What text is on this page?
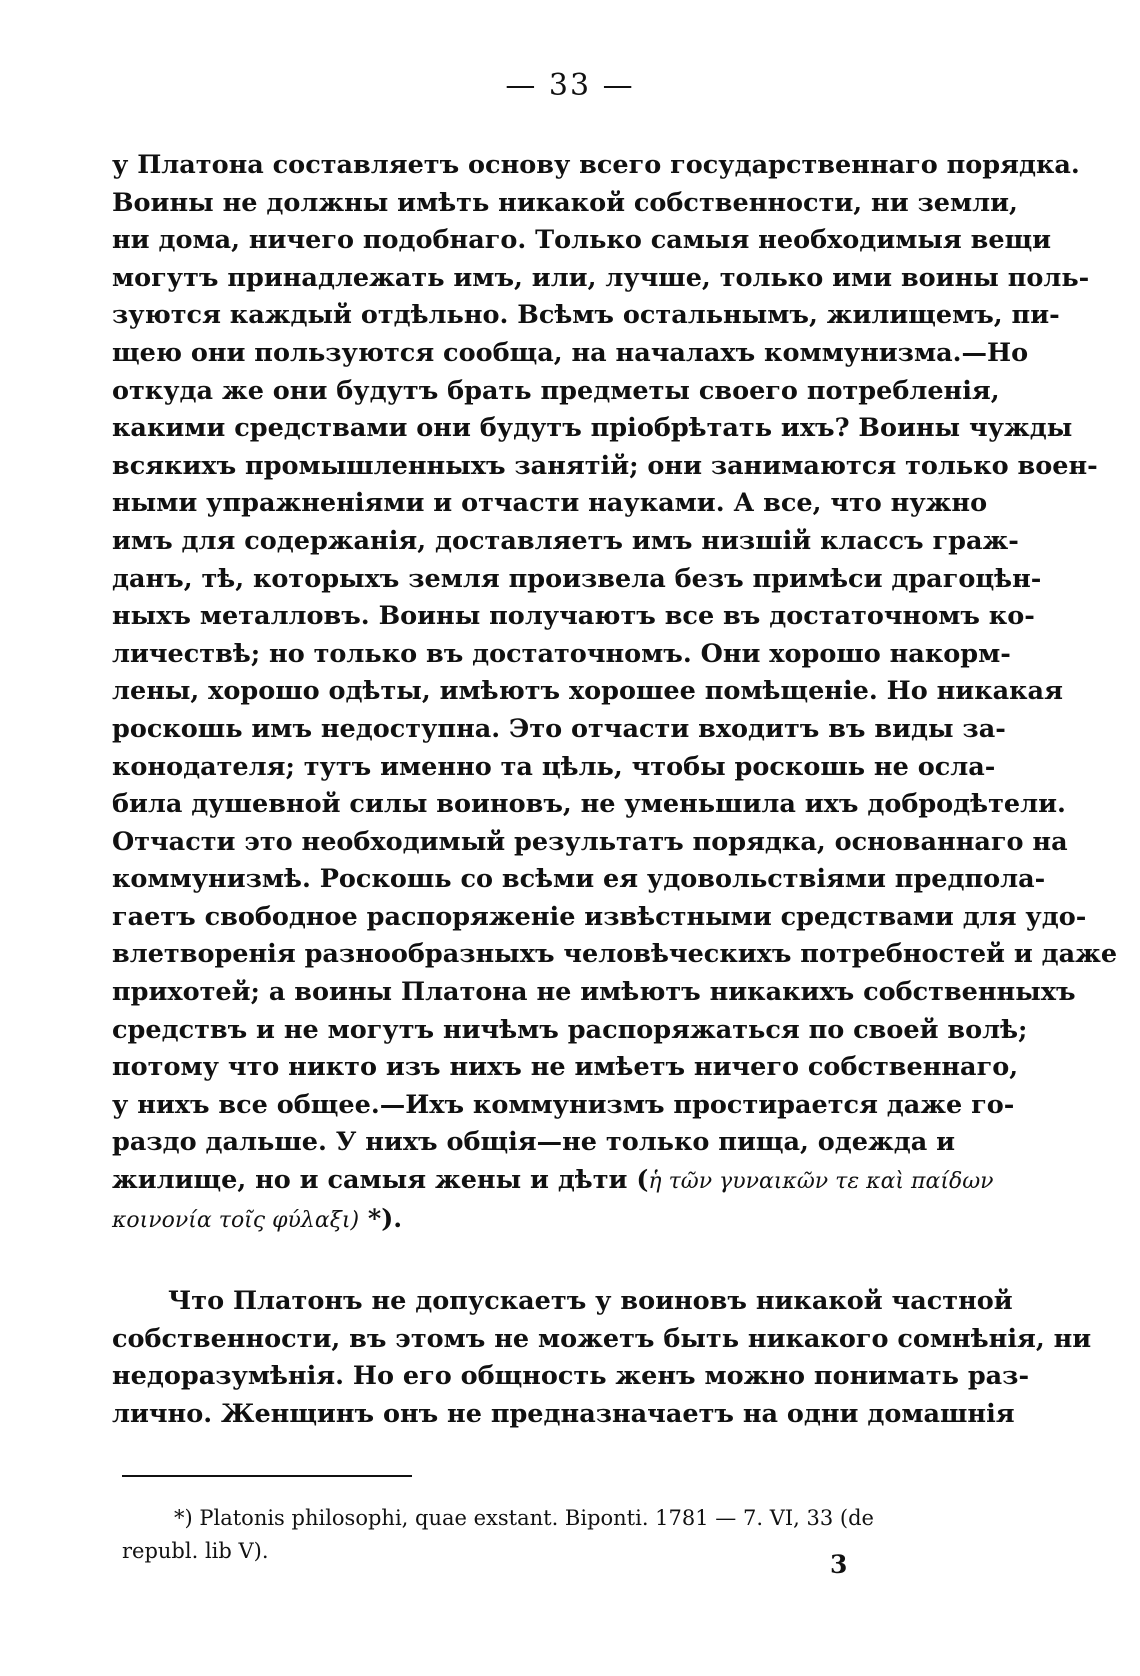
— 33 —
у Платона составляетъ основу всего государственнаго порядка.
Воины не должны имѣть никакой собственности, ни земли,
ни дома, ничего подобнаго. Только самыя необходимыя вещи
могутъ принадлежать имъ, или, лучше, только ими воины поль-
зуются каждый отдѣльно. Всѣмъ остальнымъ, жилищемъ, пи-
щею они пользуются сообща, на началахъ коммунизма.—Но
откуда же они будутъ брать предметы своего потребленія,
какими средствами они будутъ пріобрѣтать ихъ? Воины чужды
всякихъ промышленныхъ занятій; они занимаются только воен-
ными упражненіями и отчасти науками. А все, что нужно
имъ для содержанія, доставляетъ имъ низшій классъ граж-
данъ, тѣ, которыхъ земля произвела безъ примѣси драгоцѣн-
ныхъ металловъ. Воины получаютъ все въ достаточномъ ко-
личествѣ; но только въ достаточномъ. Они хорошо накорм-
лены, хорошо одѣты, имѣютъ хорошее помѣщеніе. Но никакая
роскошь имъ недоступна. Это отчасти входитъ въ виды за-
конодателя; тутъ именно та цѣль, чтобы роскошь не осла-
била душевной силы воиновъ, не уменьшила ихъ добродѣтели.
Отчасти это необходимый результатъ порядка, основаннаго на
коммунизмѣ. Роскошь со всѣми ея удовольствіями предпола-
гаетъ свободное распоряженіе извѣстными средствами для удо-
влетворенія разнообразныхъ человѣческихъ потребностей и даже
прихотей; а воины Платона не имѣютъ никакихъ собственныхъ
средствъ и не могутъ ничѣмъ распоряжаться по своей волѣ;
потому что никто изъ нихъ не имѣетъ ничего собственнаго,
у нихъ все общее.—Ихъ коммунизмъ простирается даже го-
раздо дальше. У нихъ общія—не только пища, одежда и
жилище, но и самыя жены и дѣти (ἡ τῶν γυναικῶν τε καὶ παίδων
κοινονία τοῖς φύλαξι) *).
Что Платонъ не допускаетъ у воиновъ никакой частной
собственности, въ этомъ не можетъ быть никакого сомнѣнія, ни
недоразумѣнія. Но его общность женъ можно понимать раз-
лично. Женщинъ онъ не предназначаетъ на одни домашнія
*) Platonis philosophi, quae exstant. Biponti. 1781 — 7. VI, 33 (de
republ. lib V).	3
